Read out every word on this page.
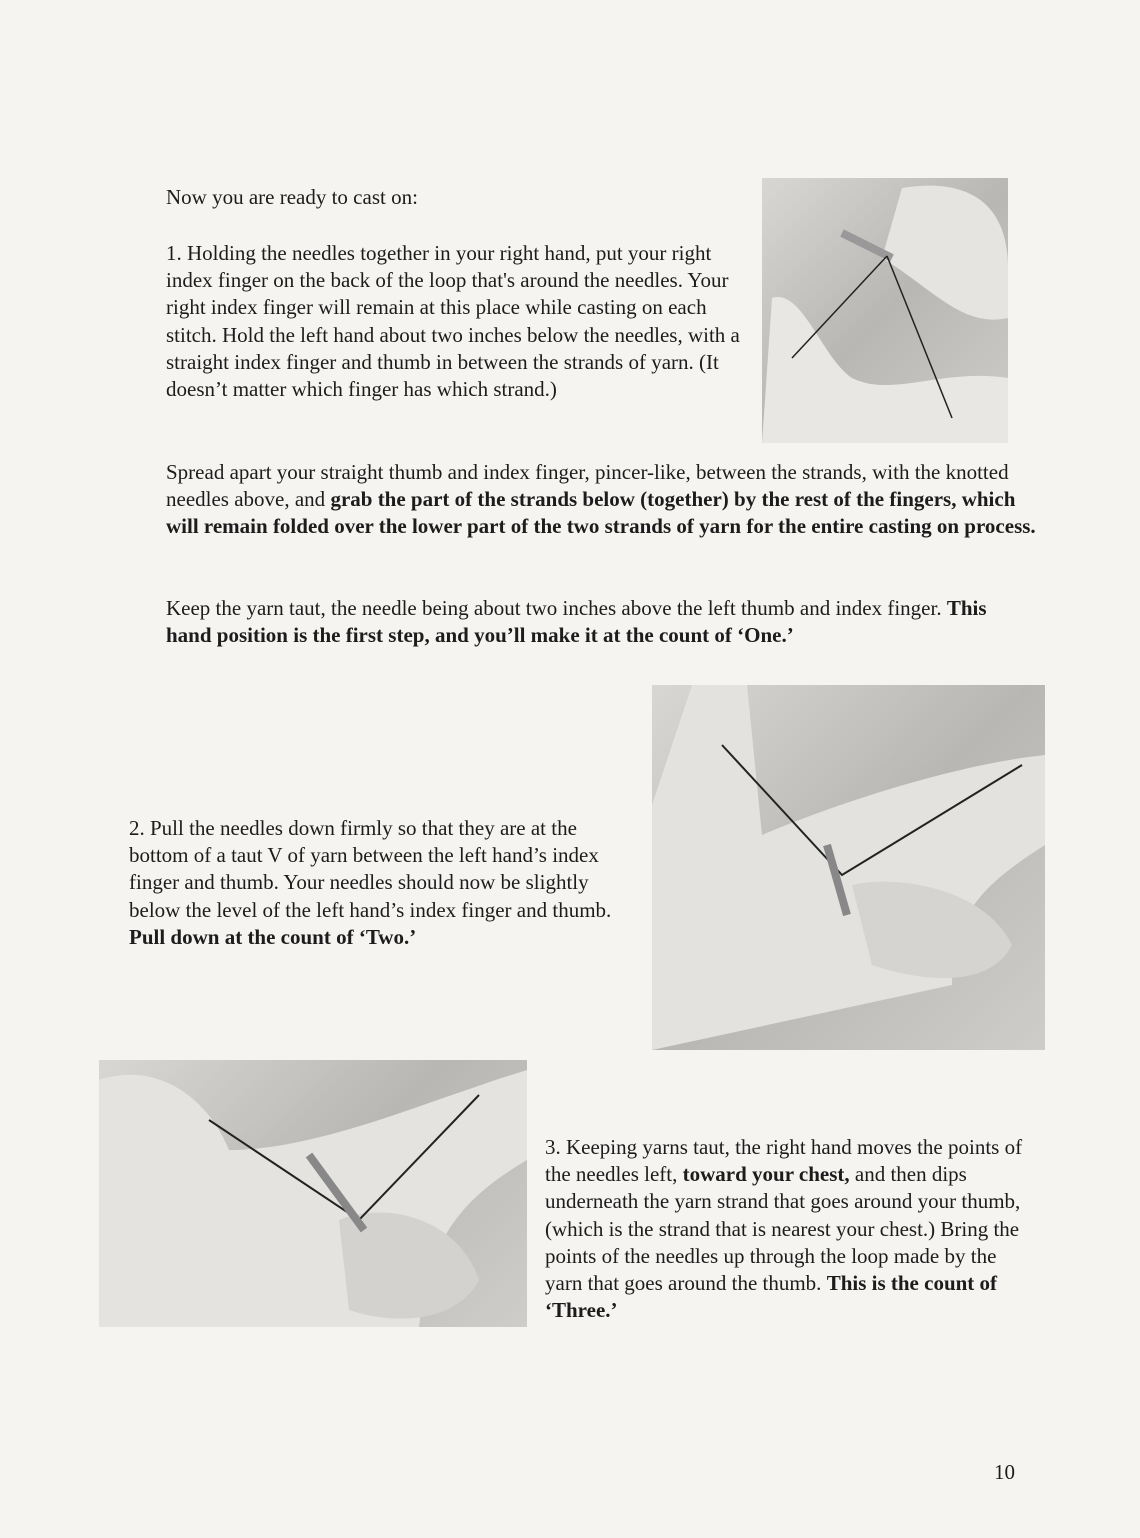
Now you are ready to cast on:

1. Holding the needles together in your right hand, put your right index finger on the back of the loop that's around the needles. Your right index finger will remain at this place while casting on each stitch. Hold the left hand about two inches below the needles, with a straight index finger and thumb in between the strands of yarn. (It doesn’t matter which finger has which strand.)

Spread apart your straight thumb and index finger, pincer-like, between the strands, with the knotted needles above, and grab the part of the strands below (together) by the rest of the fingers, which will remain folded over the lower part of the two strands of yarn for the entire casting on process.

Keep the yarn taut, the needle being about two inches above the left thumb and index finger. This hand position is the first step, and you’ll make it at the count of ‘One.’

2. Pull the needles down firmly so that they are at the bottom of a taut V of yarn between the left hand’s index finger and thumb. Your needles should now be slightly below the level of the left hand’s index finger and thumb. Pull down at the count of ‘Two.’

3. Keeping yarns taut, the right hand moves the points of the needles left, toward your chest, and then dips underneath the yarn strand that goes around your thumb, (which is the strand that is nearest your chest.) Bring the points of the needles up through the loop made by the yarn that goes around the thumb. This is the count of ‘Three.’

10
